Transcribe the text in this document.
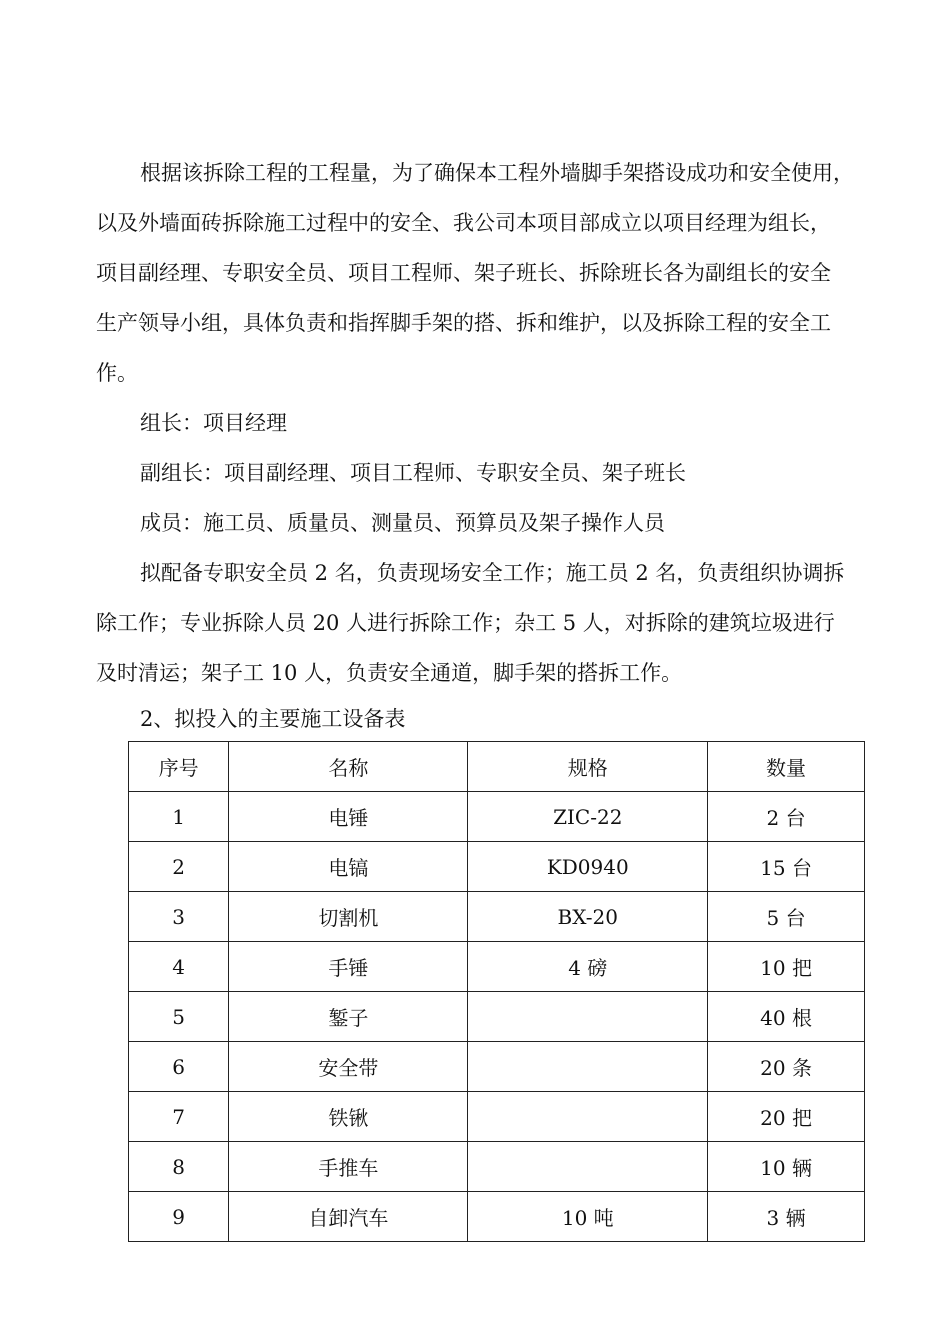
根据该拆除工程的工程量，为了确保本工程外墙脚手架搭设成功和安全使用，
以及外墙面砖拆除施工过程中的安全、我公司本项目部成立以项目经理为组长，
项目副经理、专职安全员、项目工程师、架子班长、拆除班长各为副组长的安全
生产领导小组，具体负责和指挥脚手架的搭、拆和维护，以及拆除工程的安全工
作。

组长：项目经理

副组长：项目副经理、项目工程师、专职安全员、架子班长

成员：施工员、质量员、测量员、预算员及架子操作人员

拟配备专职安全员 2 名，负责现场安全工作；施工员 2 名，负责组织协调拆
除工作；专业拆除人员 20 人进行拆除工作；杂工 5 人，对拆除的建筑垃圾进行
及时清运；架子工 10 人，负责安全通道，脚手架的搭拆工作。
2、拟投入的主要施工设备表
序号	名称	规格	数量
1	电锤	ZIC-22	2 台
2	电镐	KD0940	15 台
3	切割机	BX-20	5 台
4	手锤	4 磅	10 把
5	錾子		40 根
6	安全带		20 条
7	铁锹		20 把
8	手推车		10 辆
9	自卸汽车	10 吨	3 辆
